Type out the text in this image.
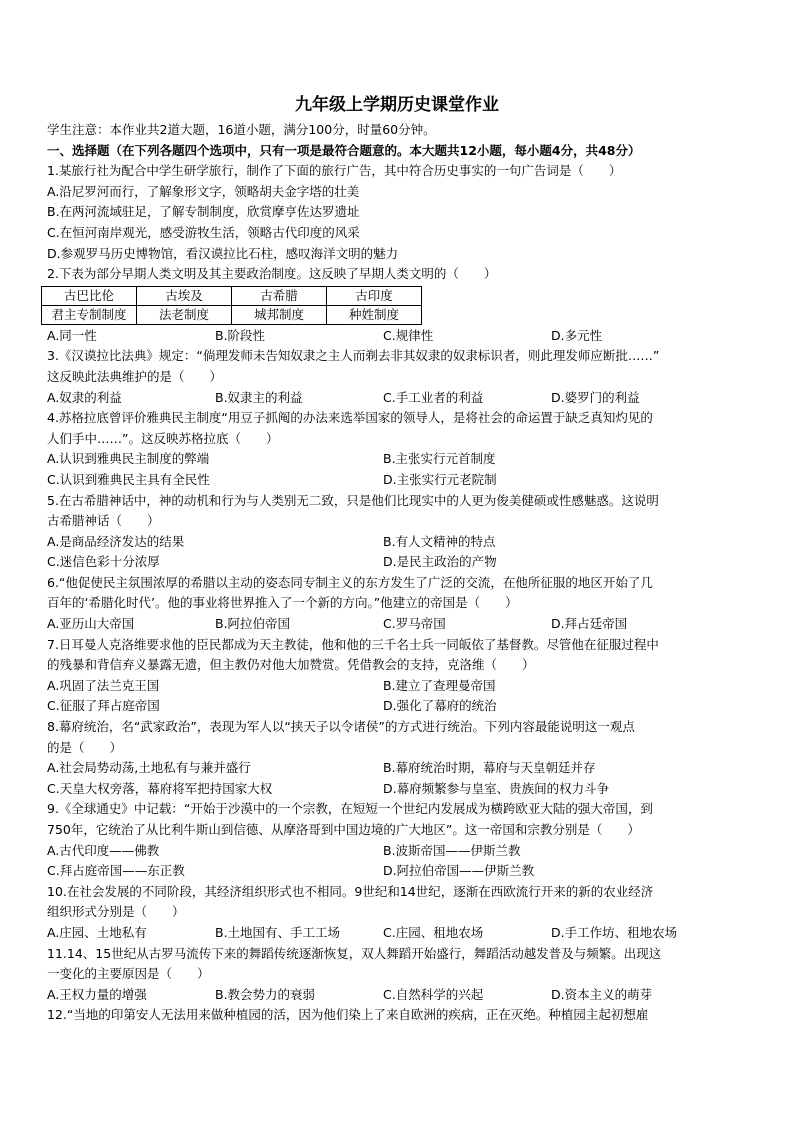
九年级上学期历史课堂作业
学生注意：本作业共2道大题，16道小题，满分100分，时量60分钟。
一、选择题（在下列各题四个选项中，只有一项是最符合题意的。本大题共12小题，每小题4分，共48分）
1.某旅行社为配合中学生研学旅行，制作了下面的旅行广告，其中符合历史事实的一句广告词是（　　）
A.沿尼罗河而行，了解象形文字，领略胡夫金字塔的壮美
B.在两河流域驻足，了解专制制度，欣赏摩亨佐达罗遗址
C.在恒河南岸观光，感受游牧生活，领略古代印度的风采
D.参观罗马历史博物馆，看汉谟拉比石柱，感叹海洋文明的魅力
2.下表为部分早期人类文明及其主要政治制度。这反映了早期人类文明的（　　）
古巴比伦	古埃及	古希腊	古印度
君主专制制度	法老制度	城邦制度	种姓制度
A.同一性	B.阶段性	C.规律性	D.多元性
3.《汉谟拉比法典》规定：“倘理发师未告知奴隶之主人而剃去非其奴隶的奴隶标识者，则此理发师应断批……”
这反映此法典维护的是（　　）
A.奴隶的利益	B.奴隶主的利益	C.手工业者的利益	D.婆罗门的利益
4.苏格拉底曾评价雅典民主制度“用豆子抓阄的办法来选举国家的领导人，是将社会的命运置于缺乏真知灼见的
人们手中……”。这反映苏格拉底（　　）
A.认识到雅典民主制度的弊端	B.主张实行元首制度
C.认识到雅典民主具有全民性	D.主张实行元老院制
5.在古希腊神话中，神的动机和行为与人类别无二致，只是他们比现实中的人更为俊美健硕或性感魅惑。这说明
古希腊神话（　　）
A.是商品经济发达的结果	B.有人文精神的特点
C.迷信色彩十分浓厚	D.是民主政治的产物
6.“他促使民主氛围浓厚的希腊以主动的姿态同专制主义的东方发生了广泛的交流，在他所征服的地区开始了几
百年的‘希腊化时代’。他的事业将世界推入了一个新的方向。”他建立的帝国是（　　）
A.亚历山大帝国	B.阿拉伯帝国	C.罗马帝国	D.拜占廷帝国
7.日耳曼人克洛维要求他的臣民都成为天主教徒，他和他的三千名士兵一同皈依了基督教。尽管他在征服过程中
的残暴和背信弃义暴露无遗，但主教仍对他大加赞赏。凭借教会的支持，克洛维（　　）
A.巩固了法兰克王国	B.建立了查理曼帝国
C.征服了拜占庭帝国	D.强化了幕府的统治
8.幕府统治，名“武家政治”，表现为军人以“挟天子以令诸侯”的方式进行统治。下列内容最能说明这一观点
的是（　　）
A.社会局势动荡,土地私有与兼并盛行	B.幕府统治时期，幕府与天皇朝廷并存
C.天皇大权旁落，幕府将军把持国家大权	D.幕府频繁参与皇室、贵族间的权力斗争
9.《全球通史》中记载：“开始于沙漠中的一个宗教，在短短一个世纪内发展成为横跨欧亚大陆的强大帝国，到
750年，它统治了从比利牛斯山到信德、从摩洛哥到中国边境的广大地区”。这一帝国和宗教分别是（　　）
A.古代印度——佛教	B.波斯帝国——伊斯兰教
C.拜占庭帝国——东正教	D.阿拉伯帝国——伊斯兰教
10.在社会发展的不同阶段，其经济组织形式也不相同。9世纪和14世纪，逐渐在西欧流行开来的新的农业经济
组织形式分别是（　　）
A.庄园、土地私有	B.土地国有、手工工场	C.庄园、租地农场	D.手工作坊、租地农场
11.14、15世纪从古罗马流传下来的舞蹈传统逐渐恢复，双人舞蹈开始盛行，舞蹈活动越发普及与频繁。出现这
一变化的主要原因是（　　）
A.王权力量的增强	B.教会势力的衰弱	C.自然科学的兴起	D.资本主义的萌芽
12.“当地的印第安人无法用来做种植园的活，因为他们染上了来自欧洲的疾病，正在灭绝。种植园主起初想雇
